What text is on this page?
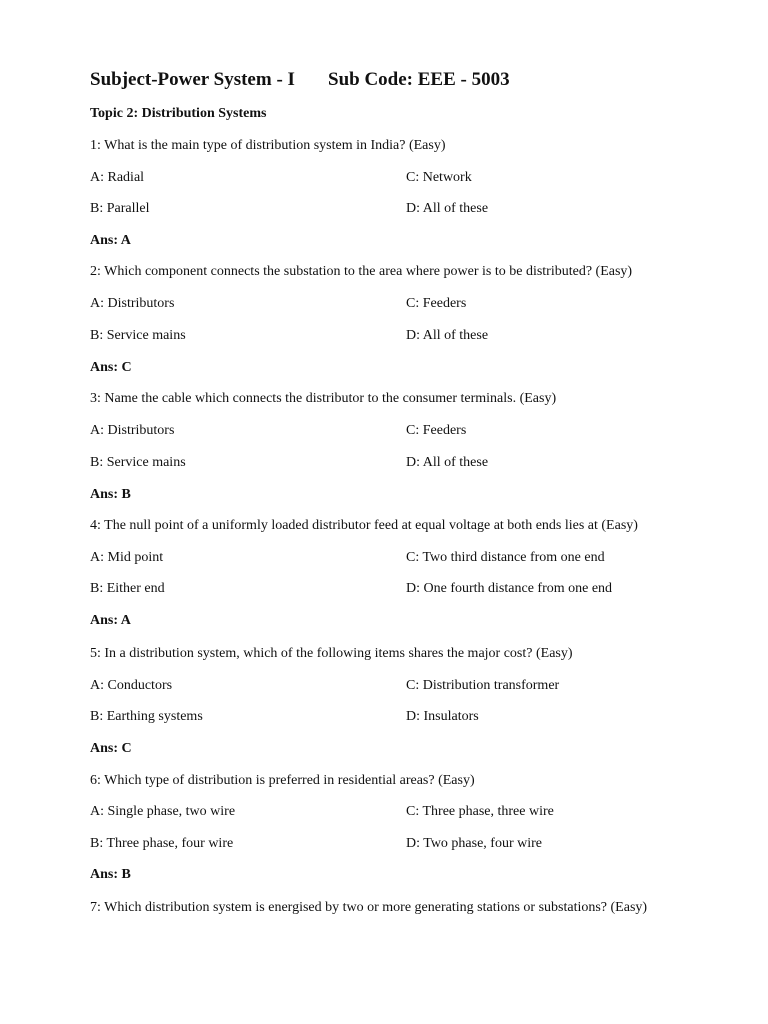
Subject-Power System - I Sub Code: EEE - 5003
Topic 2: Distribution Systems
1: What is the main type of distribution system in India? (Easy)
A: Radial	C: Network
B: Parallel	D: All of these
Ans: A
2: Which component connects the substation to the area where power is to be distributed? (Easy)
A: Distributors	C: Feeders
B: Service mains	D: All of these
Ans: C
3: Name the cable which connects the distributor to the consumer terminals. (Easy)
A: Distributors	C: Feeders
B: Service mains	D: All of these
Ans: B
4: The null point of a uniformly loaded distributor feed at equal voltage at both ends lies at (Easy)
A: Mid point	C: Two third distance from one end
B: Either end	D: One fourth distance from one end
Ans: A
5: In a distribution system, which of the following items shares the major cost? (Easy)
A: Conductors	C: Distribution transformer
B: Earthing systems	D: Insulators
Ans: C
6: Which type of distribution is preferred in residential areas? (Easy)
A: Single phase, two wire	C: Three phase, three wire
B: Three phase, four wire	D: Two phase, four wire
Ans: B
7: Which distribution system is energised by two or more generating stations or substations? (Easy)
